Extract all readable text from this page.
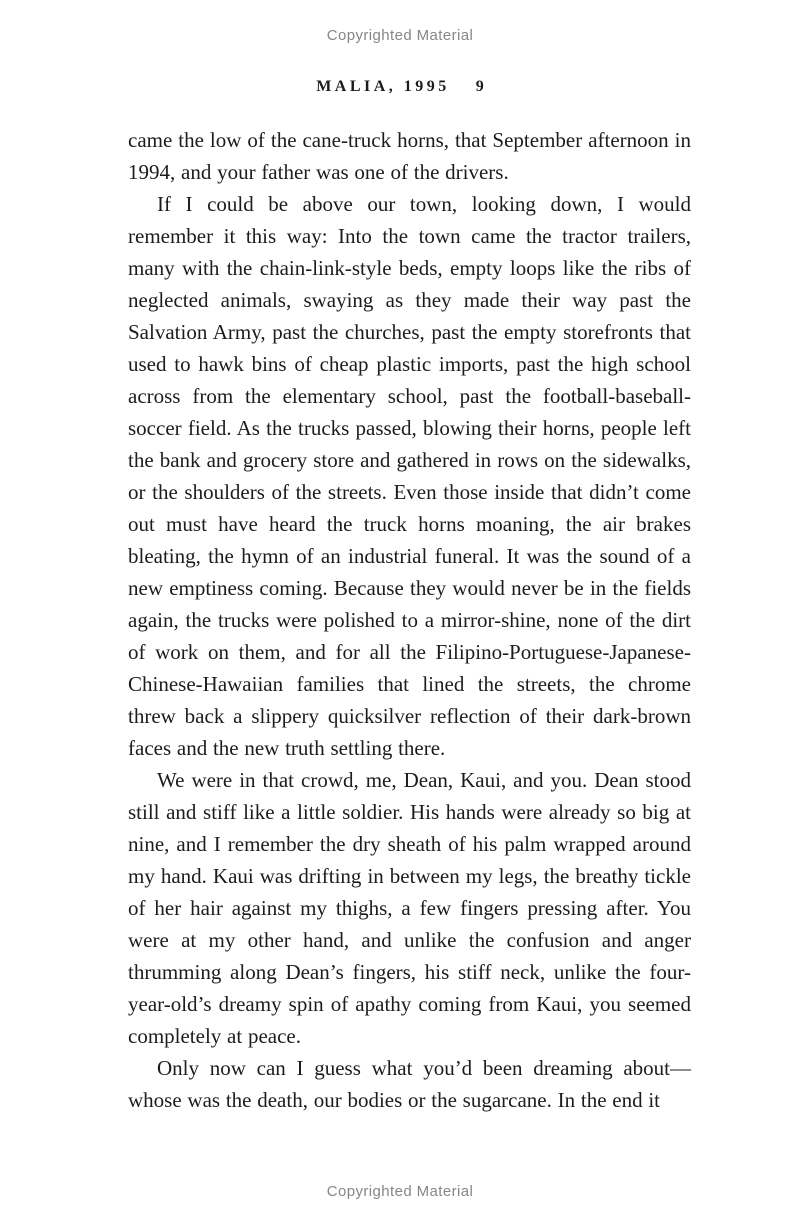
Copyrighted Material
MALIA, 1995 9

came the low of the cane-truck horns, that September afternoon in 1994, and your father was one of the drivers.

If I could be above our town, looking down, I would remember it this way: Into the town came the tractor trailers, many with the chain-link-style beds, empty loops like the ribs of neglected animals, swaying as they made their way past the Salvation Army, past the churches, past the empty storefronts that used to hawk bins of cheap plastic imports, past the high school across from the elementary school, past the football-baseball-soccer field. As the trucks passed, blowing their horns, people left the bank and grocery store and gathered in rows on the sidewalks, or the shoulders of the streets. Even those inside that didn’t come out must have heard the truck horns moaning, the air brakes bleating, the hymn of an industrial funeral. It was the sound of a new emptiness coming. Because they would never be in the fields again, the trucks were polished to a mirror-shine, none of the dirt of work on them, and for all the Filipino-Portuguese-Japanese-Chinese-Hawaiian families that lined the streets, the chrome threw back a slippery quicksilver reflection of their dark-brown faces and the new truth settling there.

We were in that crowd, me, Dean, Kaui, and you. Dean stood still and stiff like a little soldier. His hands were already so big at nine, and I remember the dry sheath of his palm wrapped around my hand. Kaui was drifting in between my legs, the breathy tickle of her hair against my thighs, a few fingers pressing after. You were at my other hand, and unlike the confusion and anger thrumming along Dean’s fingers, his stiff neck, unlike the four-year-old’s dreamy spin of apathy coming from Kaui, you seemed completely at peace.

Only now can I guess what you’d been dreaming about—whose was the death, our bodies or the sugarcane. In the end it

Copyrighted Material
